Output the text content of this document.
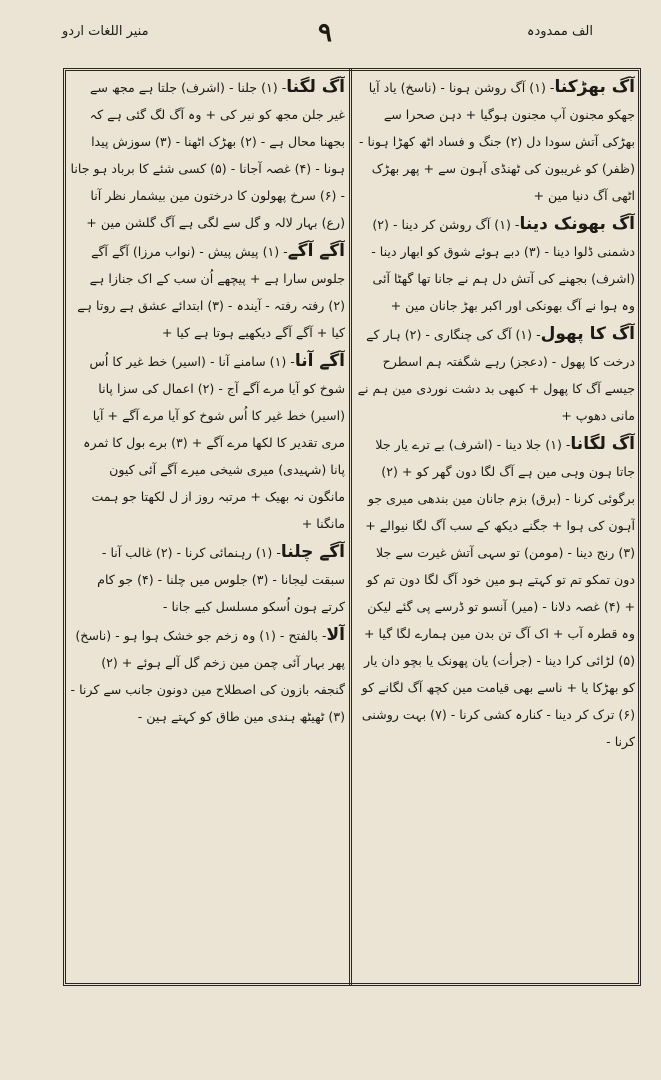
منیر اللغات اردو	۹	الف ممدودہ

آگ بھڑکنا- (۱) آگ روشن ہونا - (ناسخ) یاد آیا جھکو مجنون آپ مجنون ہوگیا + دہن صحرا سے بھڑکی آتش سودا دل (۲) جنگ و فساد اٹھ کھڑا ہونا - (ظفر) کو غریبون کی ٹھنڈی آہون سے + پھر بھڑک اٹھی آگ دنیا مین +

آگ بھونک دینا- (۱) آگ روشن کر دینا - (۲) دشمنی ڈلوا دینا - (۳) دبے ہوئے شوق کو ابھار دینا - (اشرف) بجھنے کی آتش دل ہم نے جانا تھا گھٹا آئی وہ ہوا نے آگ بھونکی اور اکبر بھڑ جانان مین +

آگ کا پھول- (۱) آگ کی چنگاری - (۲) ہار کے درخت کا پھول - (دعجز) رہے شگفتہ ہم اسطرح جیسے آگ کا پھول + کبھی بد دشت نوردی مین ہم نے مانی دھوپ +

آگ لگانا- (۱) جلا دینا - (اشرف) بے ترے یار جلا جاتا ہون وہی مین ہے آگ لگا دون گھر کو + (۲) برگوئی کرنا - (برق) بزم جانان مین بندھی میری جو آہون کی ہوا + جگنے دیکھ کے سب آگ لگا نیوالے + (۳) رنج دینا - (مومن) تو سہی آتش غیرت سے جلا دون تمکو تم تو کہتے ہو مین خود آگ لگا دون تم کو + (۴) غصہ دلانا - (میر) آنسو تو ڈرسے پی گئے لیکن وہ قطرہ آب + اک آگ تن بدن مین ہمارے لگا گیا + (۵) لڑائی کرا دینا - (جرأت) یان پھونک یا بچو دان یار کو بھڑکا یا + ناسے بھی قیامت مین کچھ آگ لگانے کو (۶) ترک کر دینا - کنارہ کشی کرنا - (۷) بہت روشنی کرنا -

آگ لگنا- (۱) جلنا - (اشرف) جلتا ہے مجھ سے غیر جلن مجھ کو نیر کی + وہ آگ لگ گئی ہے کہ بجھنا محال ہے - (۲) بھڑک اٹھنا - (۳) سوزش پیدا ہونا - (۴) غصہ آجانا - (۵) کسی شئے کا برباد ہو جانا - (۶) سرخ پھولون کا درختون مین بیشمار نظر آنا (رع) بہار لالہ و گل سے لگی ہے آگ گلشن مین +

آگے آگے- (۱) پیش پیش - (نواب مرزا) آگے آگے جلوس سارا ہے + پیچھے اُن سب کے اک جنازا ہے (۲) رفتہ رفتہ - آیندہ - (۳) ابتدائے عشق ہے روتا ہے کیا + آگے آگے دیکھیے ہوتا ہے کیا +

آگے آنا- (۱) سامنے آنا - (اسیر) خط غیر کا اُس شوخ کو آیا مرے آگے آج - (۲) اعمال کی سزا پانا (اسیر) خط غیر کا اُس شوخ کو آیا مرے آگے + آیا مری تقدیر کا لکھا مرے آگے + (۳) برے بول کا ثمرہ پانا (شہیدی) میری شیخی میرے آگے آئی کیون مانگون نہ بھیک + مرتبہ روز از ل لکھتا جو ہمت مانگنا +

آگے چلنا- (۱) رہنمائی کرنا - (۲) غالب آنا - سبقت لیجانا - (۳) جلوس میں چلنا - (۴) جو کام کرتے ہون اُسکو مسلسل کیے جانا -

آلا- بالفتح - (۱) وہ زخم جو خشک ہوا ہو - (ناسخ) پھر بہار آئی چمن مین زخم گل آلے ہوئے + (۲) گنجفہ بازون کی اصطلاح مین دونون جانب سے کرنا - (۳) ٹھیٹھ ہندی مین طاق کو کہتے ہین -
